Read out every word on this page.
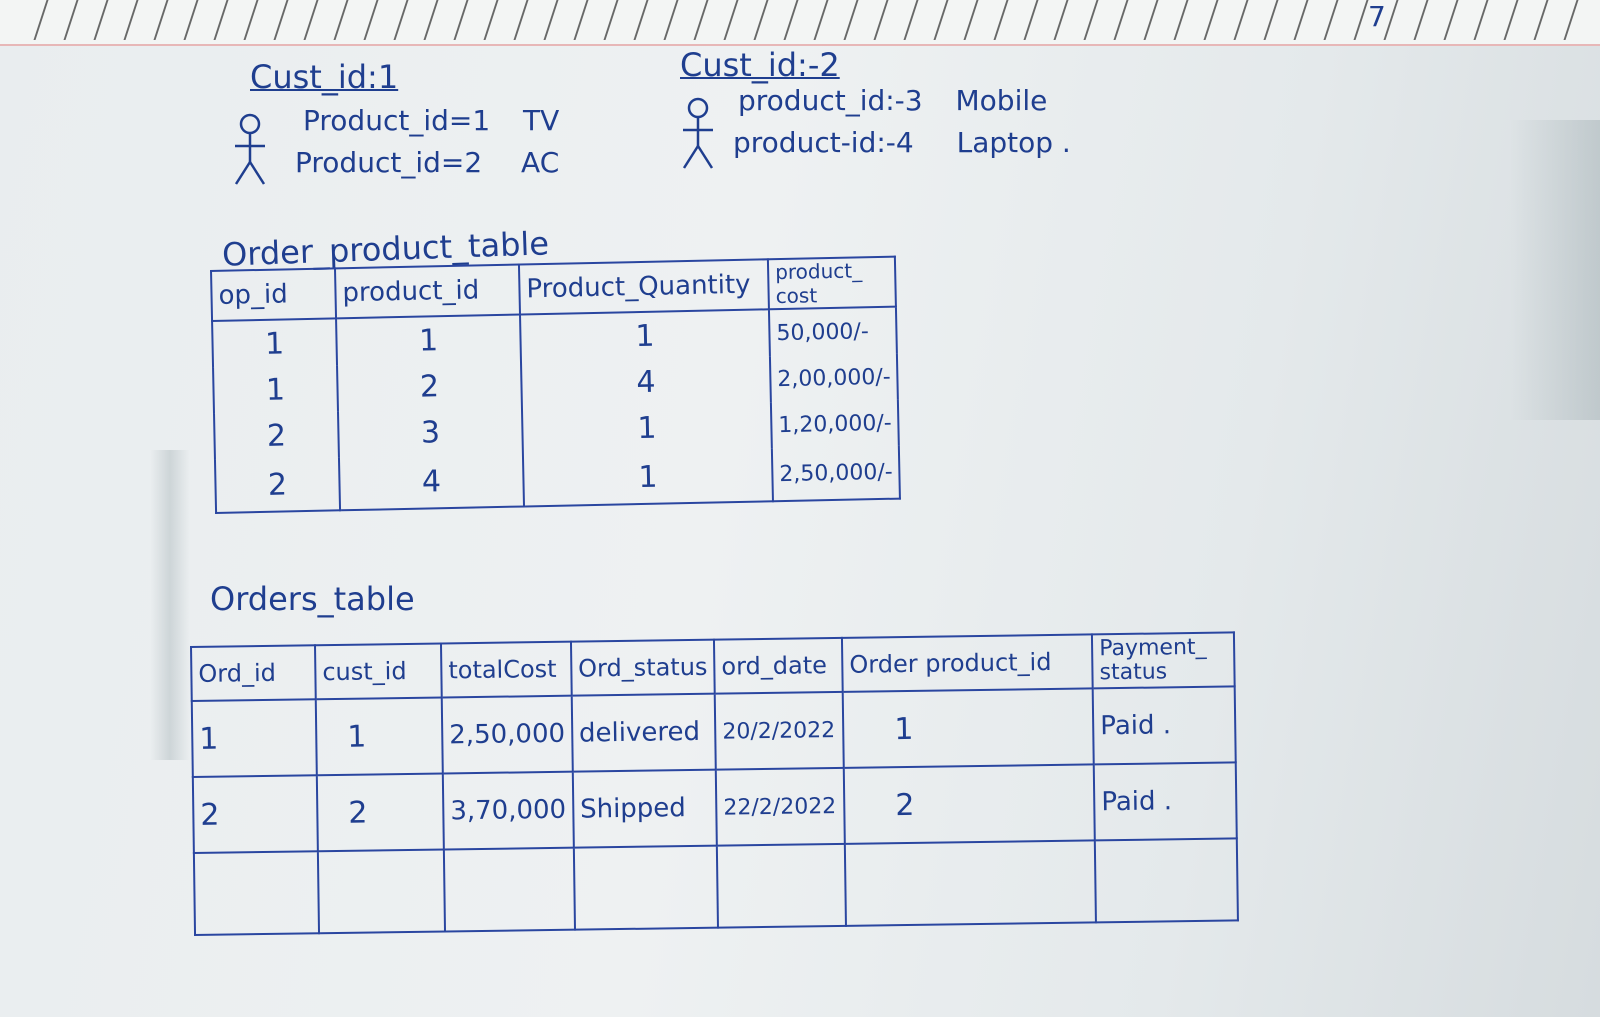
7
Cust_id:1
Product_id=1 TV
Product_id=2 AC
Cust_id:-2
product_id:-3 Mobile
product-id:-4 Laptop .
Order_product_table
op_id	product_id	Product_Quantity	product_ cost
1	1	1	50,000/-
1	2	4	2,00,000/-
2	3	1	1,20,000/-
2	4	1	2,50,000/-
Orders_table
Ord_id	cust_id	totalCost	Ord_status	ord_date	Order product_id	Payment_ status
1	1	2,50,000	delivered	20/2/2022	1	Paid .
2	2	3,70,000	Shipped	22/2/2022	2	Paid .
